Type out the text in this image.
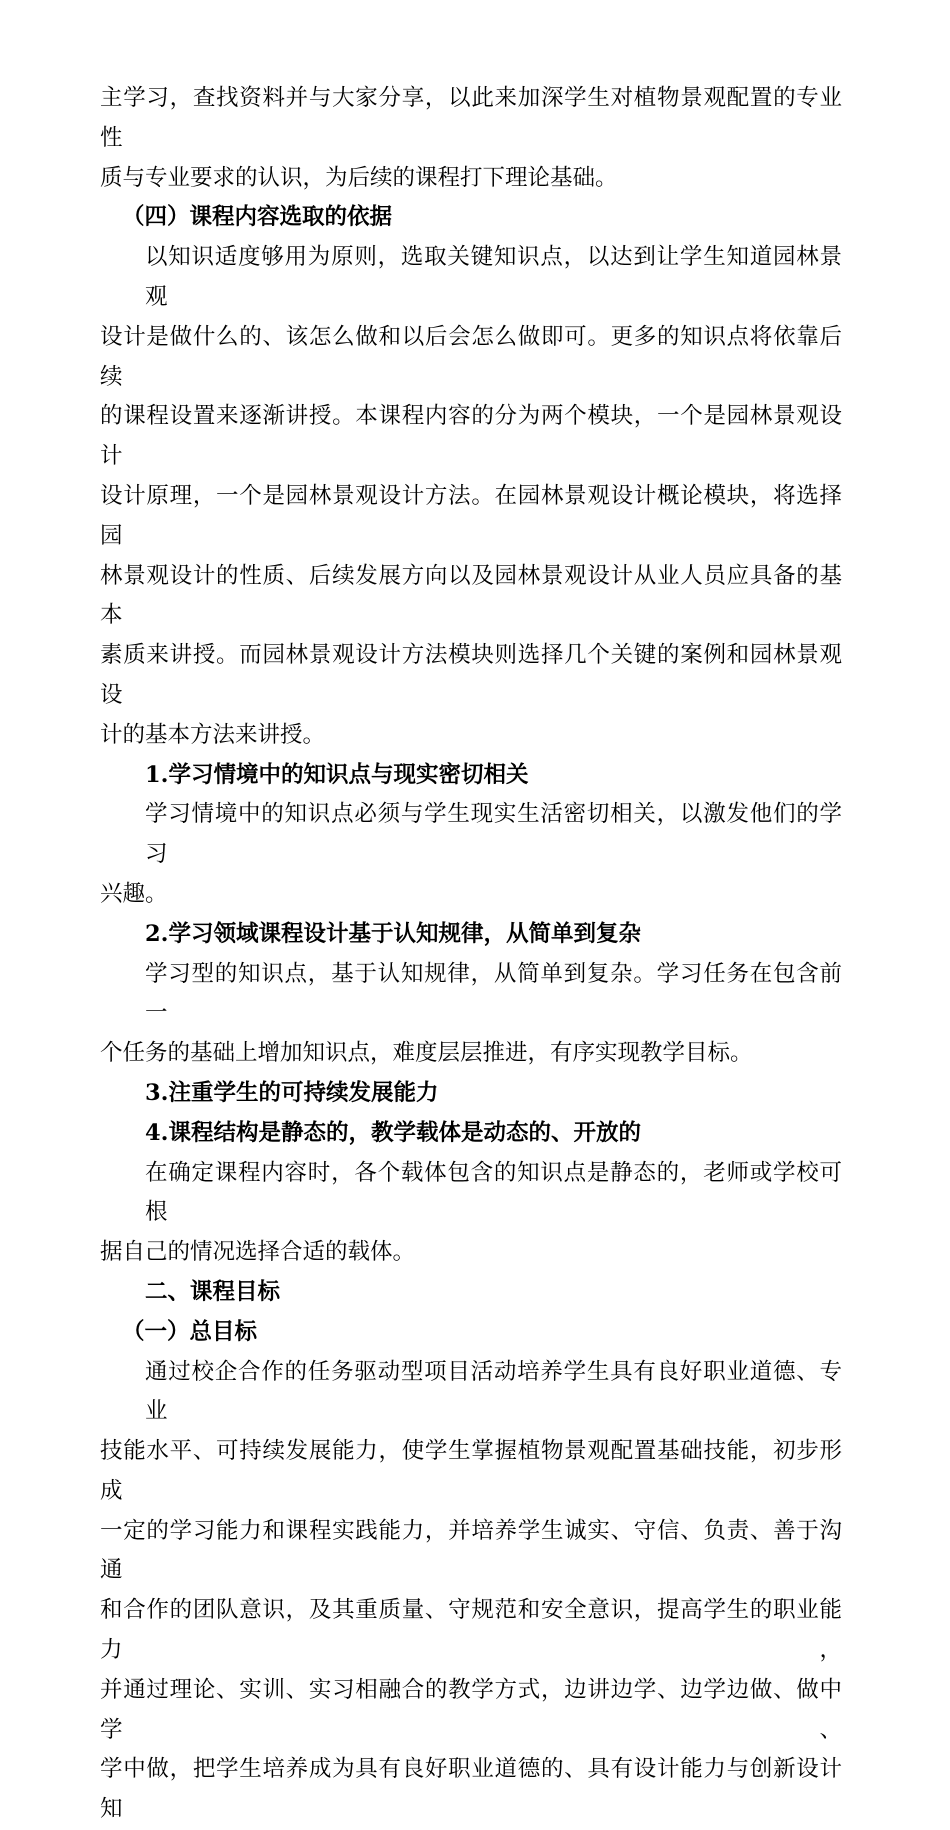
主学习，查找资料并与大家分享，以此来加深学生对植物景观配置的专业性
质与专业要求的认识，为后续的课程打下理论基础。

（四）课程内容选取的依据

以知识适度够用为原则，选取关键知识点，以达到让学生知道园林景观
设计是做什么的、该怎么做和以后会怎么做即可。更多的知识点将依靠后续
的课程设置来逐渐讲授。本课程内容的分为两个模块，一个是园林景观设计
设计原理，一个是园林景观设计方法。在园林景观设计概论模块，将选择园
林景观设计的性质、后续发展方向以及园林景观设计从业人员应具备的基本
素质来讲授。而园林景观设计方法模块则选择几个关键的案例和园林景观设
计的基本方法来讲授。

1.学习情境中的知识点与现实密切相关

学习情境中的知识点必须与学生现实生活密切相关，以激发他们的学习
兴趣。

2.学习领域课程设计基于认知规律，从简单到复杂

学习型的知识点，基于认知规律，从简单到复杂。学习任务在包含前一
个任务的基础上增加知识点，难度层层推进，有序实现教学目标。

3.注重学生的可持续发展能力

4.课程结构是静态的，教学载体是动态的、开放的

在确定课程内容时，各个载体包含的知识点是静态的，老师或学校可根
据自己的情况选择合适的载体。

二、课程目标

（一）总目标

通过校企合作的任务驱动型项目活动培养学生具有良好职业道德、专业
技能水平、可持续发展能力，使学生掌握植物景观配置基础技能，初步形成
一定的学习能力和课程实践能力，并培养学生诚实、守信、负责、善于沟通
和合作的团队意识，及其重质量、守规范和安全意识，提高学生的职业能力，
并通过理论、实训、实习相融合的教学方式，边讲边学、边学边做、做中学、
学中做，把学生培养成为具有良好职业道德的、具有设计能力与创新设计知
